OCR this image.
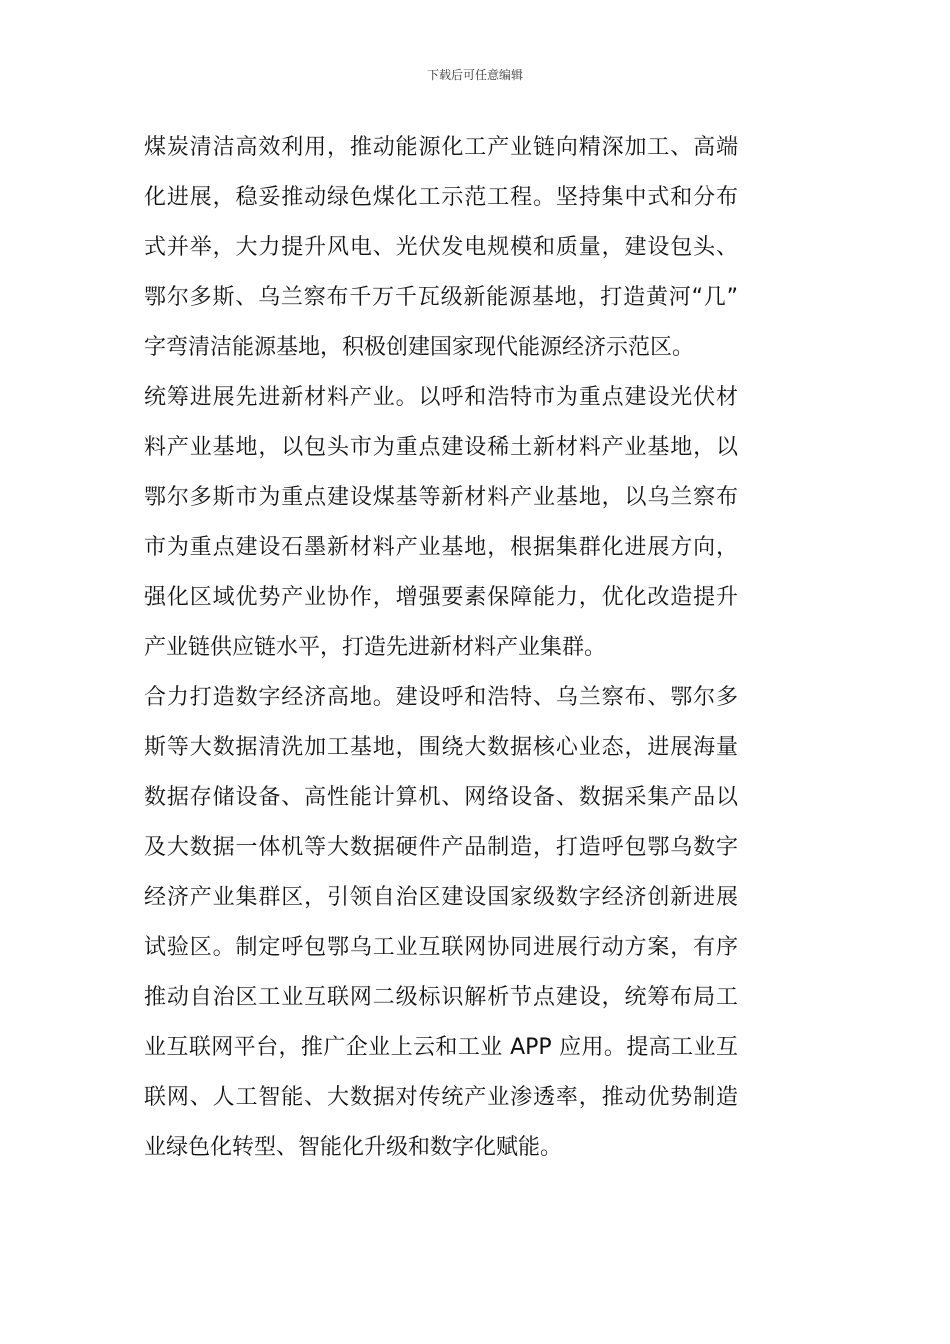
下载后可任意编辑
煤炭清洁高效利用，推动能源化工产业链向精深加工、高端
化进展，稳妥推动绿色煤化工示范工程。坚持集中式和分布
式并举，大力提升风电、光伏发电规模和质量，建设包头、
鄂尔多斯、乌兰察布千万千瓦级新能源基地，打造黄河“几”
字弯清洁能源基地，积极创建国家现代能源经济示范区。
统筹进展先进新材料产业。以呼和浩特市为重点建设光伏材
料产业基地，以包头市为重点建设稀土新材料产业基地，以
鄂尔多斯市为重点建设煤基等新材料产业基地，以乌兰察布
市为重点建设石墨新材料产业基地，根据集群化进展方向，
强化区域优势产业协作，增强要素保障能力，优化改造提升
产业链供应链水平，打造先进新材料产业集群。
合力打造数字经济高地。建设呼和浩特、乌兰察布、鄂尔多
斯等大数据清洗加工基地，围绕大数据核心业态，进展海量
数据存储设备、高性能计算机、网络设备、数据采集产品以
及大数据一体机等大数据硬件产品制造，打造呼包鄂乌数字
经济产业集群区，引领自治区建设国家级数字经济创新进展
试验区。制定呼包鄂乌工业互联网协同进展行动方案，有序
推动自治区工业互联网二级标识解析节点建设，统筹布局工
业互联网平台，推广企业上云和工业 APP 应用。提高工业互
联网、人工智能、大数据对传统产业渗透率，推动优势制造
业绿色化转型、智能化升级和数字化赋能。
